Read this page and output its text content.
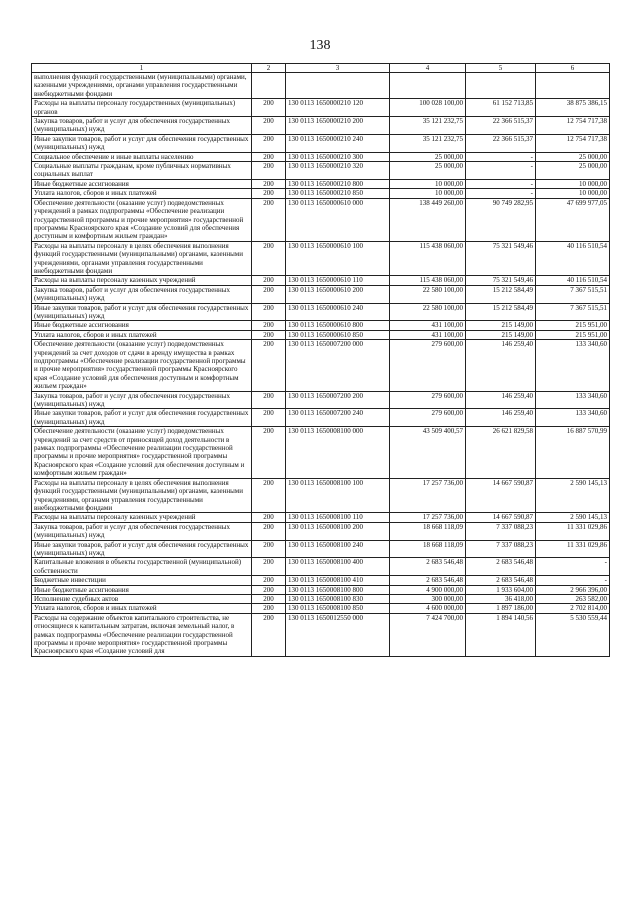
138
1	2	3	4	5	6
выполнения функций государственными (муниципальными) органами, казенными учреждениями, органами управления государственными внебюджетными фондами					
Расходы на выплаты персоналу государственных (муниципальных) органов	200	130 0113 1650000210 120	100 028 100,00	61 152 713,85	38 875 386,15
Закупка товаров, работ и услуг для обеспечения государственных (муниципальных) нужд	200	130 0113 1650000210 200	35 121 232,75	22 366 515,37	12 754 717,38
Иные закупки товаров, работ и услуг для обеспечения государственных (муниципальных) нужд	200	130 0113 1650000210 240	35 121 232,75	22 366 515,37	12 754 717,38
Социальное обеспечение и иные выплаты населению	200	130 0113 1650000210 300	25 000,00	-	25 000,00
Социальные выплаты гражданам, кроме публичных нормативных социальных выплат	200	130 0113 1650000210 320	25 000,00	-	25 000,00
Иные бюджетные ассигнования	200	130 0113 1650000210 800	10 000,00	-	10 000,00
Уплата налогов, сборов и иных платежей	200	130 0113 1650000210 850	10 000,00	-	10 000,00
Обеспечение деятельности (оказание услуг) подведомственных учреждений в рамках подпрограммы «Обеспечение реализации государственной программы и прочие мероприятия» государственной программы Красноярского края «Создание условий для обеспечения доступным и комфортным жильем граждан»	200	130 0113 1650000610 000	138 449 260,00	90 749 282,95	47 699 977,05
Расходы на выплаты персоналу в целях обеспечения выполнения функций государственными (муниципальными) органами, казенными учреждениями, органами управления государственными внебюджетными фондами	200	130 0113 1650000610 100	115 438 060,00	75 321 549,46	40 116 510,54
Расходы на выплаты персоналу казенных учреждений	200	130 0113 1650000610 110	115 438 060,00	75 321 549,46	40 116 510,54
Закупка товаров, работ и услуг для обеспечения государственных (муниципальных) нужд	200	130 0113 1650000610 200	22 580 100,00	15 212 584,49	7 367 515,51
Иные закупки товаров, работ и услуг для обеспечения государственных (муниципальных) нужд	200	130 0113 1650000610 240	22 580 100,00	15 212 584,49	7 367 515,51
Иные бюджетные ассигнования	200	130 0113 1650000610 800	431 100,00	215 149,00	215 951,00
Уплата налогов, сборов и иных платежей	200	130 0113 1650000610 850	431 100,00	215 149,00	215 951,00
Обеспечение деятельности (оказание услуг) подведомственных учреждений за счет доходов от сдачи в аренду имущества в рамках подпрограммы «Обеспечение реализации государственной программы и прочие мероприятия» государственной программы Красноярского края «Создание условий для обеспечения доступным и комфортным жильем граждан»	200	130 0113 1650007200 000	279 600,00	146 259,40	133 340,60
Закупка товаров, работ и услуг для обеспечения государственных (муниципальных) нужд	200	130 0113 1650007200 200	279 600,00	146 259,40	133 340,60
Иные закупки товаров, работ и услуг для обеспечения государственных (муниципальных) нужд	200	130 0113 1650007200 240	279 600,00	146 259,40	133 340,60
Обеспечение деятельности (оказание услуг) подведомственных учреждений за счет средств от приносящей доход деятельности в рамках подпрограммы «Обеспечение реализации государственной программы и прочие мероприятия» государственной программы Красноярского края «Создание условий для обеспечения доступным и комфортным жильем граждан»	200	130 0113 1650008100 000	43 509 400,57	26 621 829,58	16 887 570,99
Расходы на выплаты персоналу в целях обеспечения выполнения функций государственными (муниципальными) органами, казенными учреждениями, органами управления государственными внебюджетными фондами	200	130 0113 1650008100 100	17 257 736,00	14 667 590,87	2 590 145,13
Расходы на выплаты персоналу казенных учреждений	200	130 0113 1650008100 110	17 257 736,00	14 667 590,87	2 590 145,13
Закупка товаров, работ и услуг для обеспечения государственных (муниципальных) нужд	200	130 0113 1650008100 200	18 668 118,09	7 337 088,23	11 331 029,86
Иные закупки товаров, работ и услуг для обеспечения государственных (муниципальных) нужд	200	130 0113 1650008100 240	18 668 118,09	7 337 088,23	11 331 029,86
Капитальные вложения в объекты государственной (муниципальной) собственности	200	130 0113 1650008100 400	2 683 546,48	2 683 546,48	-
Бюджетные инвестиции	200	130 0113 1650008100 410	2 683 546,48	2 683 546,48	-
Иные бюджетные ассигнования	200	130 0113 1650008100 800	4 900 000,00	1 933 604,00	2 966 396,00
Исполнение судебных актов	200	130 0113 1650008100 830	300 000,00	36 418,00	263 582,00
Уплата налогов, сборов и иных платежей	200	130 0113 1650008100 850	4 600 000,00	1 897 186,00	2 702 814,00
Расходы на содержание объектов капитального строительства, не относящиеся к капитальным затратам, включая земельный налог, в рамках подпрограммы «Обеспечение реализации государственной программы и прочие мероприятия» государственной программы Красноярского края «Создание условий для	200	130 0113 1650012550 000	7 424 700,00	1 894 140,56	5 530 559,44
